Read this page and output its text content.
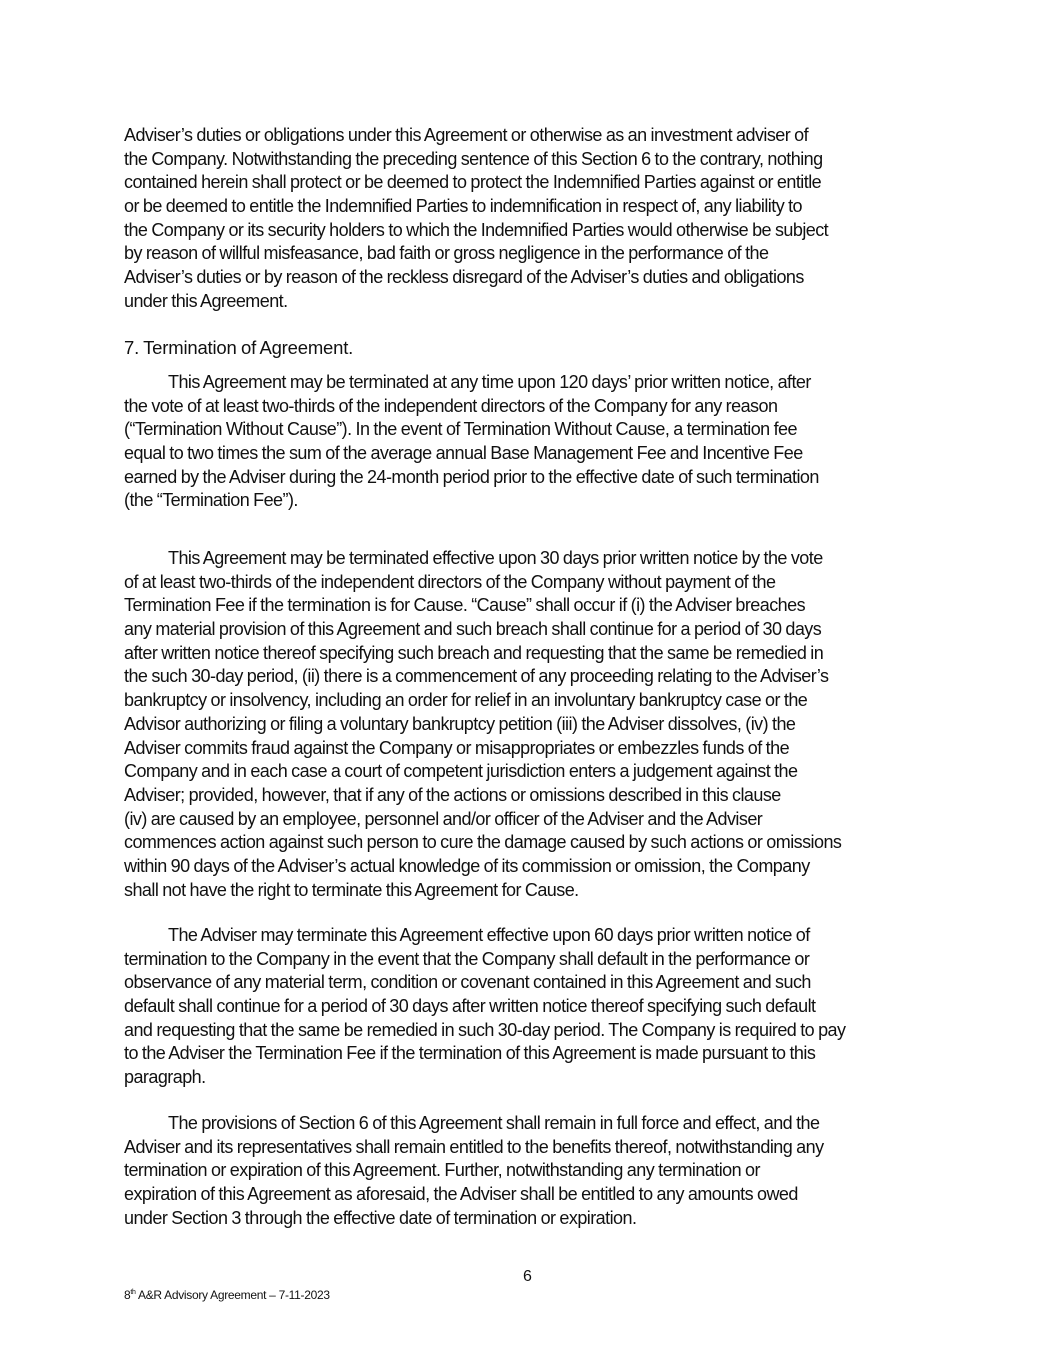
Adviser’s duties or obligations under this Agreement or otherwise as an investment adviser of
the Company. Notwithstanding the preceding sentence of this Section 6 to the contrary, nothing
contained herein shall protect or be deemed to protect the Indemnified Parties against or entitle
or be deemed to entitle the Indemnified Parties to indemnification in respect of, any liability to
the Company or its security holders to which the Indemnified Parties would otherwise be subject
by reason of willful misfeasance, bad faith or gross negligence in the performance of the
Adviser’s duties or by reason of the reckless disregard of the Adviser’s duties and obligations
under this Agreement.
7. Termination of Agreement.
This Agreement may be terminated at any time upon 120 days’ prior written notice, after
the vote of at least two-thirds of the independent directors of the Company for any reason
(“Termination Without Cause”). In the event of Termination Without Cause, a termination fee
equal to two times the sum of the average annual Base Management Fee and Incentive Fee
earned by the Adviser during the 24-month period prior to the effective date of such termination
(the “Termination Fee”).
This Agreement may be terminated effective upon 30 days prior written notice by the vote
of at least two-thirds of the independent directors of the Company without payment of the
Termination Fee if the termination is for Cause. “Cause” shall occur if (i) the Adviser breaches
any material provision of this Agreement and such breach shall continue for a period of 30 days
after written notice thereof specifying such breach and requesting that the same be remedied in
the such 30-day period, (ii) there is a commencement of any proceeding relating to the Adviser’s
bankruptcy or insolvency, including an order for relief in an involuntary bankruptcy case or the
Advisor authorizing or filing a voluntary bankruptcy petition (iii) the Adviser dissolves, (iv) the
Adviser commits fraud against the Company or misappropriates or embezzles funds of the
Company and in each case a court of competent jurisdiction enters a judgement against the
Adviser; provided, however, that if any of the actions or omissions described in this clause
(iv) are caused by an employee, personnel and/or officer of the Adviser and the Adviser
commences action against such person to cure the damage caused by such actions or omissions
within 90 days of the Adviser’s actual knowledge of its commission or omission, the Company
shall not have the right to terminate this Agreement for Cause.
The Adviser may terminate this Agreement effective upon 60 days prior written notice of
termination to the Company in the event that the Company shall default in the performance or
observance of any material term, condition or covenant contained in this Agreement and such
default shall continue for a period of 30 days after written notice thereof specifying such default
and requesting that the same be remedied in such 30-day period. The Company is required to pay
to the Adviser the Termination Fee if the termination of this Agreement is made pursuant to this
paragraph.
The provisions of Section 6 of this Agreement shall remain in full force and effect, and the
Adviser and its representatives shall remain entitled to the benefits thereof, notwithstanding any
termination or expiration of this Agreement. Further, notwithstanding any termination or
expiration of this Agreement as aforesaid, the Adviser shall be entitled to any amounts owed
under Section 3 through the effective date of termination or expiration.
6
8th A&R Advisory Agreement – 7-11-2023
